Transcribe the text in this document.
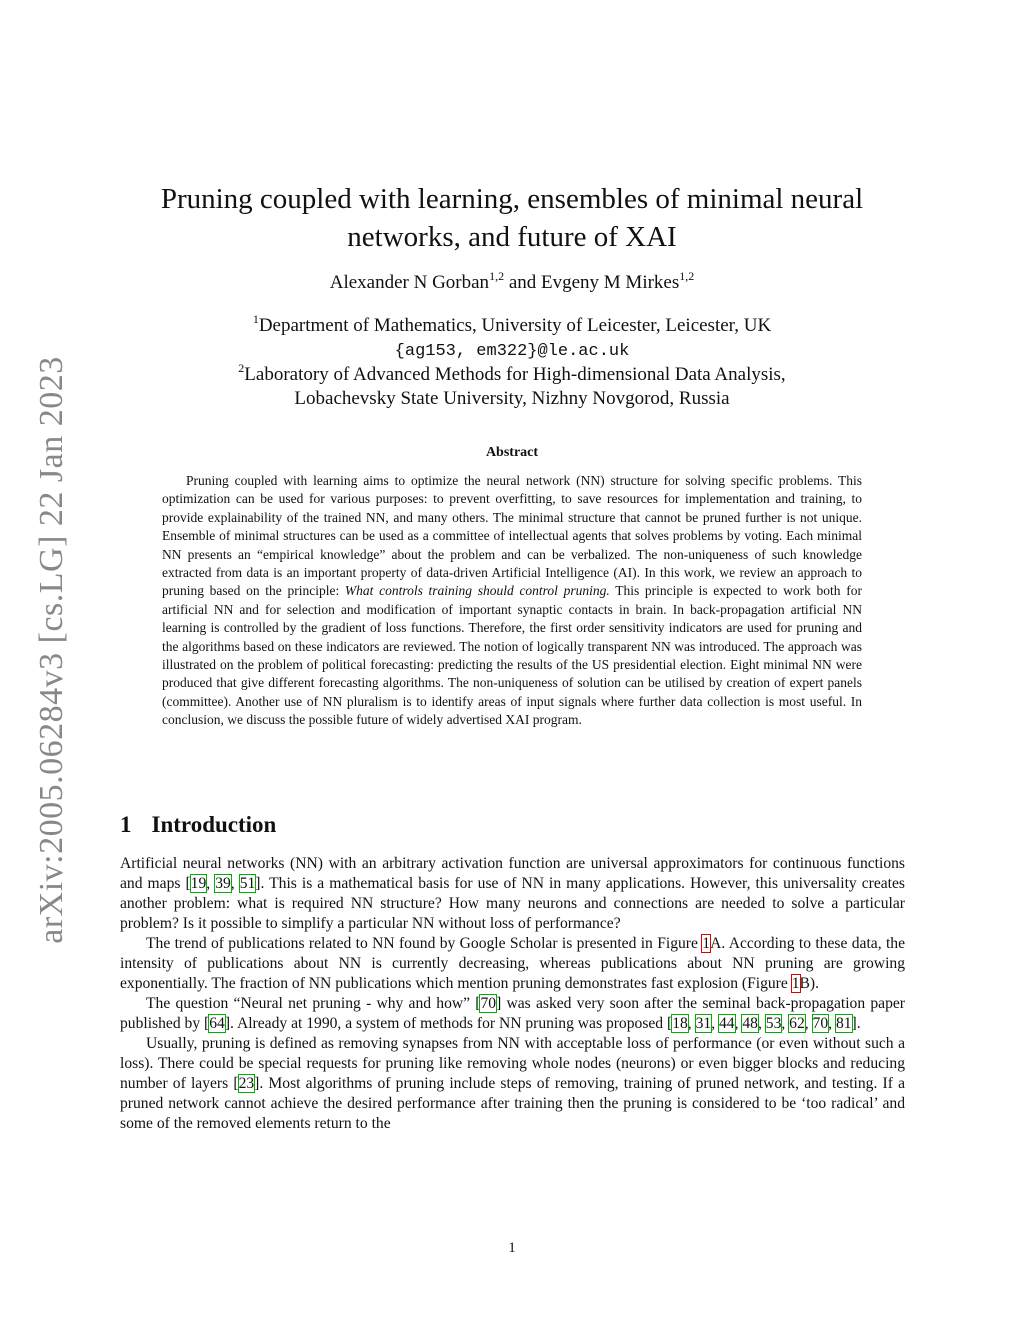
arXiv:2005.06284v3 [cs.LG] 22 Jan 2023
Pruning coupled with learning, ensembles of minimal neural
networks, and future of XAI
Alexander N Gorban$^{1,2}$ and Evgeny M Mirkes$^{1,2}$
$^1$Department of Mathematics, University of Leicester, Leicester, UK
{ag153, em322}@le.ac.uk
$^2$Laboratory of Advanced Methods for High-dimensional Data Analysis,
Lobachevsky State University, Nizhny Novgorod, Russia
Abstract
Pruning coupled with learning aims to optimize the neural network (NN) structure for solving specific problems. This optimization can be used for various purposes: to prevent overfitting, to save resources for implementation and training, to provide explainability of the trained NN, and many others. The minimal structure that cannot be pruned further is not unique. Ensemble of minimal structures can be used as a committee of intellectual agents that solves problems by voting. Each minimal NN presents an “empirical knowledge” about the problem and can be verbalized. The non-uniqueness of such knowledge extracted from data is an important property of data-driven Artificial Intelligence (AI). In this work, we review an approach to pruning based on the principle: What controls training should control pruning. This principle is expected to work both for artificial NN and for selection and modification of important synaptic contacts in brain. In back-propagation artificial NN learning is controlled by the gradient of loss functions. Therefore, the first order sensitivity indicators are used for pruning and the algorithms based on these indicators are reviewed. The notion of logically transparent NN was introduced. The approach was illustrated on the problem of political forecasting: predicting the results of the US presidential election. Eight minimal NN were produced that give different forecasting algorithms. The non-uniqueness of solution can be utilised by creation of expert panels (committee). Another use of NN pluralism is to identify areas of input signals where further data collection is most useful. In conclusion, we discuss the possible future of widely advertised XAI program.
1 Introduction

Artificial neural networks (NN) with an arbitrary activation function are universal approximators for continuous functions and maps [19, 39, 51]. This is a mathematical basis for use of NN in many applications. However, this universality creates another problem: what is required NN structure? How many neurons and connections are needed to solve a particular problem? Is it possible to simplify a particular NN without loss of performance?

The trend of publications related to NN found by Google Scholar is presented in Figure 1A. According to these data, the intensity of publications about NN is currently decreasing, whereas publications about NN pruning are growing exponentially. The fraction of NN publications which mention pruning demonstrates fast explosion (Figure 1B).

The question “Neural net pruning - why and how” [70] was asked very soon after the seminal back-propagation paper published by [64]. Already at 1990, a system of methods for NN pruning was proposed [18, 31, 44, 48, 53, 62, 70, 81].

Usually, pruning is defined as removing synapses from NN with acceptable loss of performance (or even without such a loss). There could be special requests for pruning like removing whole nodes (neurons) or even bigger blocks and reducing number of layers [23]. Most algorithms of pruning include steps of removing, training of pruned network, and testing. If a pruned network cannot achieve the desired performance after training then the pruning is considered to be ‘too radical’ and some of the removed elements return to the

1
